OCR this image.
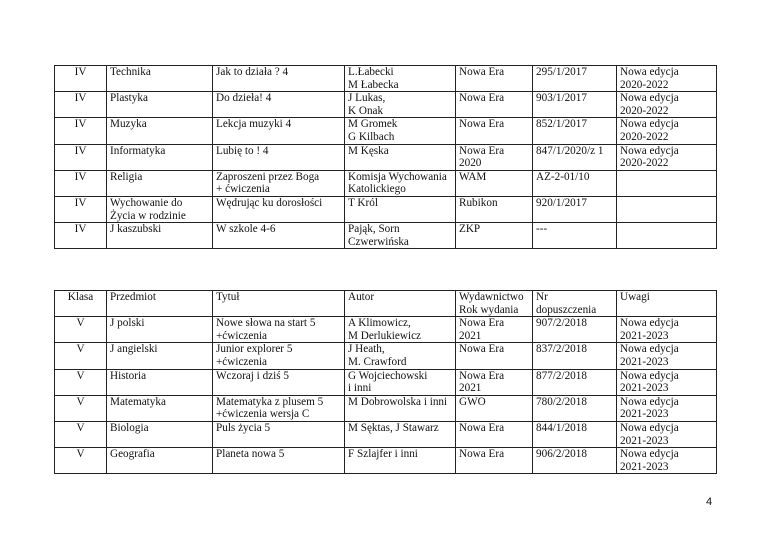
IV	Technika	Jak to działa ? 4	L.Łabecki
M Łabecka	Nowa Era	295/1/2017	Nowa edycja
2020-2022

IV	Plastyka	Do dzieła! 4	J Lukas,
K Onak	Nowa Era	903/1/2017	Nowa edycja
2020-2022

IV	Muzyka	Lekcja muzyki 4	M Gromek
G Kilbach	Nowa Era	852/1/2017	Nowa edycja
2020-2022

IV	Informatyka	Lubię to ! 4	M Kęska	Nowa Era
2020	847/1/2020/z 1	Nowa edycja
2020-2022

IV	Religia	Zaproszeni przez Boga
+ ćwiczenia	Komisja Wychowania
Katolickiego	WAM	AZ-2-01/10	

IV	Wychowanie do
Życia w rodzinie	Wędrując ku dorosłości	T Król	Rubikon	920/1/2017	

IV	J kaszubski	W szkole 4-6	Pająk, Sorn
Czwerwińska	ZKP	---	

Klasa	Przedmiot	Tytuł	Autor	Wydawnictwo
Rok wydania	Nr
dopuszczenia	Uwagi

V	J polski	Nowe słowa na start 5
+ćwiczenia	A Klimowicz,
M Derlukiewicz	Nowa Era
2021	907/2/2018	Nowa edycja
2021-2023

V	J angielski	Junior explorer 5
+ćwiczenia	J Heath,
M. Crawford	Nowa Era	837/2/2018	Nowa edycja
2021-2023

V	Historia	Wczoraj i dziś 5	G Wojciechowski
i inni	Nowa Era
2021	877/2/2018	Nowa edycja
2021-2023

V	Matematyka	Matematyka z plusem 5
+ćwiczenia wersja C	M Dobrowolska i inni	GWO	780/2/2018	Nowa edycja
2021-2023

V	Biologia	Puls życia 5	M Sęktas, J Stawarz	Nowa Era	844/1/2018	Nowa edycja
2021-2023

V	Geografia	Planeta nowa 5	F Szlajfer i inni	Nowa Era	906/2/2018	Nowa edycja
2021-2023
4
